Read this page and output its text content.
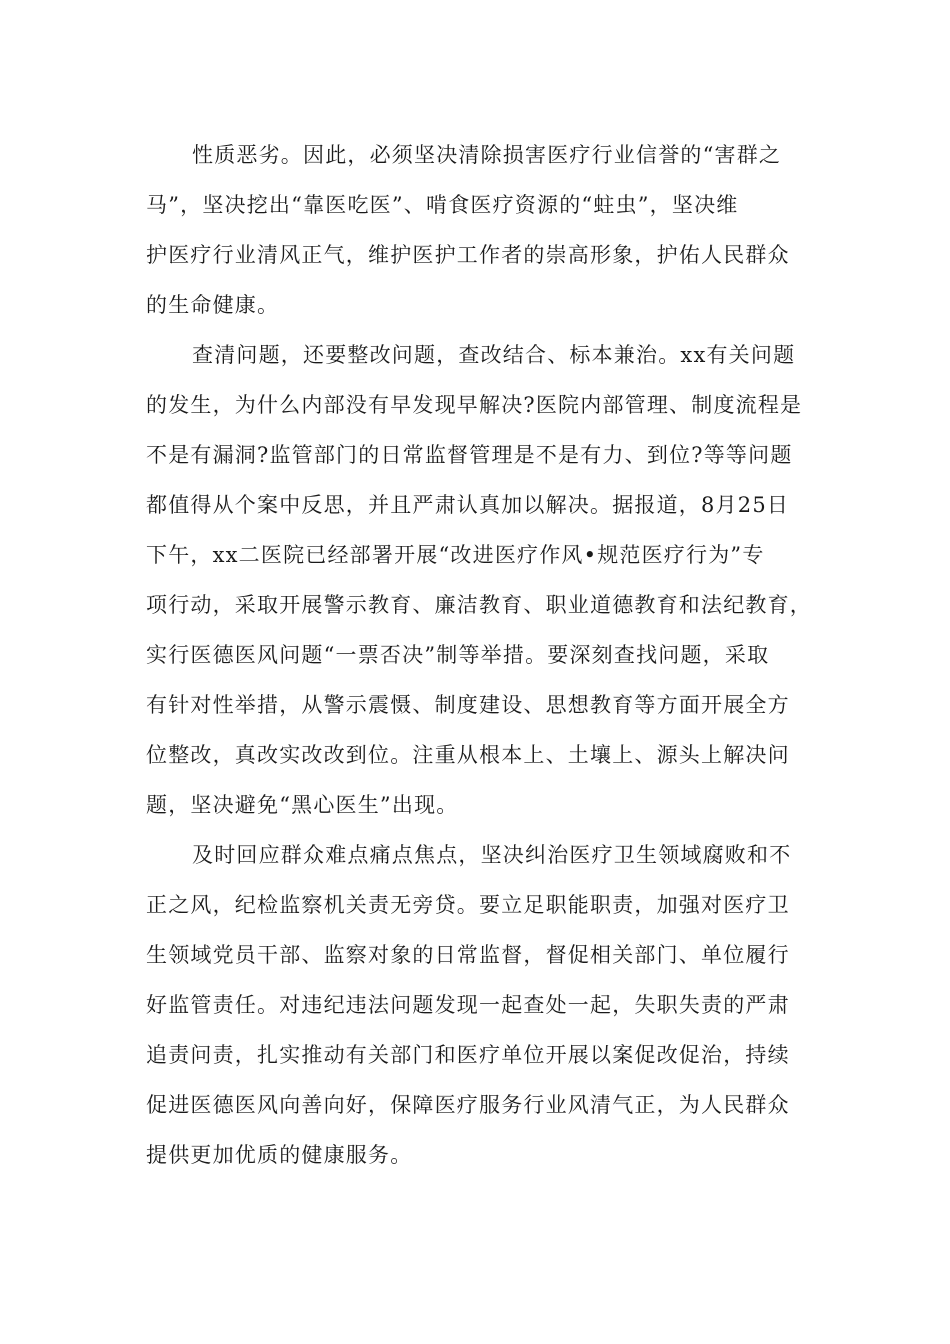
性质恶劣。因此，必须坚决清除损害医疗行业信誉的“害群之
马”，坚决挖出“靠医吃医”、啃食医疗资源的“蛀虫”，坚决维
护医疗行业清风正气，维护医护工作者的崇高形象，护佑人民群众
的生命健康。

查清问题，还要整改问题，查改结合、标本兼治。xx有关问题
的发生，为什么内部没有早发现早解决?医院内部管理、制度流程是
不是有漏洞?监管部门的日常监督管理是不是有力、到位?等等问题
都值得从个案中反思，并且严肃认真加以解决。据报道，8月25日
下午，xx二医院已经部署开展“改进医疗作风•规范医疗行为”专
项行动，采取开展警示教育、廉洁教育、职业道德教育和法纪教育，
实行医德医风问题“一票否决”制等举措。要深刻查找问题，采取
有针对性举措，从警示震慑、制度建设、思想教育等方面开展全方
位整改，真改实改改到位。注重从根本上、土壤上、源头上解决问
题，坚决避免“黑心医生”出现。

及时回应群众难点痛点焦点，坚决纠治医疗卫生领域腐败和不
正之风，纪检监察机关责无旁贷。要立足职能职责，加强对医疗卫
生领域党员干部、监察对象的日常监督，督促相关部门、单位履行
好监管责任。对违纪违法问题发现一起查处一起，失职失责的严肃
追责问责，扎实推动有关部门和医疗单位开展以案促改促治，持续
促进医德医风向善向好，保障医疗服务行业风清气正，为人民群众
提供更加优质的健康服务。
